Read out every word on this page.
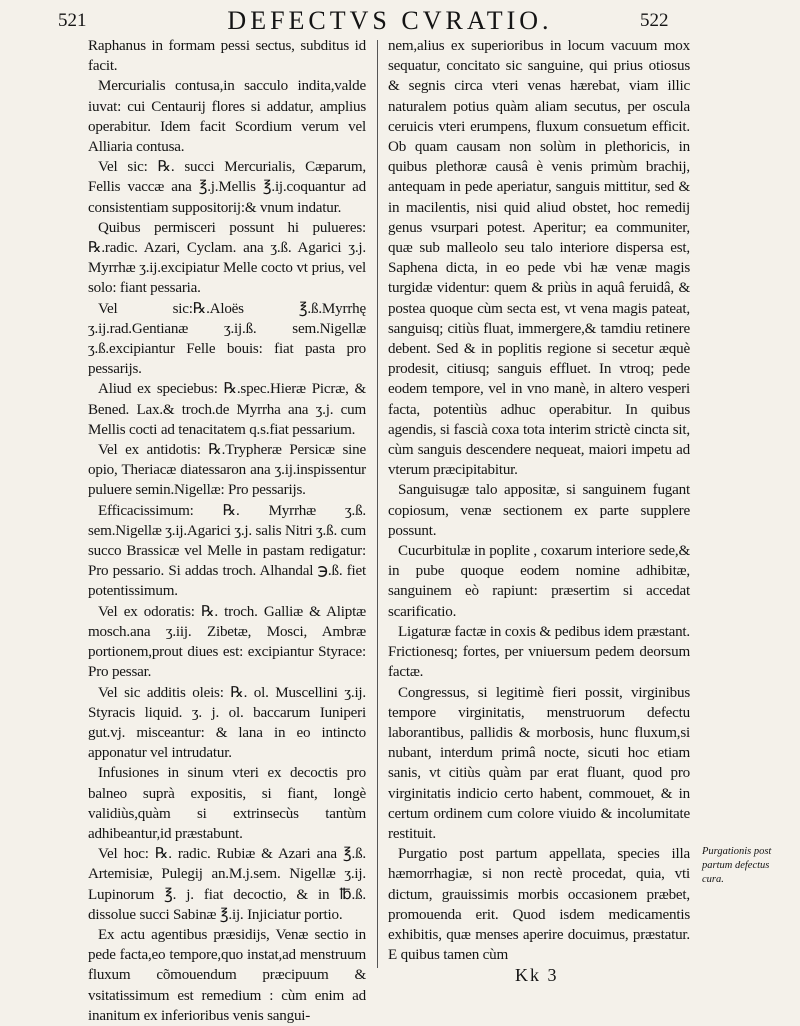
521	DEFECTVS CVRATIO.	522

Raphanus in formam pessi sectus, subditus id facit.

Mercurialis contusa,in sacculo indita,valde iuvat: cui Centaurij flores si addatur, amplius operabitur. Idem facit Scordium verum vel Alliaria contusa.

Vel sic: ℞. succi Mercurialis, Cæparum, Fellis vaccæ ana ℥.j.Mellis ℥.ij.coquantur ad consistentiam suppositorij:& vnum indatur.

Quibus permisceri possunt hi pulueres: ℞.radic. Azari, Cyclam. ana ʒ.ß. Agarici ʒ.j. Myrrhæ ʒ.ij.excipiatur Melle cocto vt prius, vel solo: fiant pessaria.

Vel sic:℞.Aloës ℥.ß.Myrrhę ʒ.ij.rad.Gentianæ ʒ.ij.ß. sem.Nigellæ ʒ.ß.excipiantur Felle bouis: fiat pasta pro pessarijs.

Aliud ex speciebus: ℞.spec.Hieræ Picræ, & Bened. Lax.& troch.de Myrrha ana ʒ.j. cum Mellis cocti ad tenacitatem q.s.fiat pessarium.

Vel ex antidotis: ℞.Trypheræ Persicæ sine opio, Theriacæ diatessaron ana ʒ.ij.inspissentur puluere semin.Nigellæ: Pro pessarijs.

Efficacissimum: ℞. Myrrhæ ʒ.ß. sem.Nigellæ ʒ.ij.Agarici ʒ.j. salis Nitri ʒ.ß. cum succo Brassicæ vel Melle in pastam redigatur: Pro pessario. Si addas troch. Alhandal ℈.ß. fiet potentissimum.

Vel ex odoratis: ℞. troch. Galliæ & Aliptæ mosch.ana ʒ.iij. Zibetæ, Mosci, Ambræ portionem,prout diues est: excipiantur Styrace: Pro pessar.

Vel sic additis oleis: ℞. ol. Muscellini ʒ.ij. Styracis liquid. ʒ. j. ol. baccarum Iuniperi gut.vj. misceantur: & lana in eo intincto apponatur vel intrudatur.

Infusiones in sinum vteri ex decoctis pro balneo suprà expositis, si fiant, longè validiùs,quàm si extrinsecùs tantùm adhibeantur,id præstabunt.

Vel hoc: ℞. radic. Rubiæ & Azari ana ℥.ß. Artemisiæ, Pulegij an.M.j.sem. Nigellæ ʒ.ij. Lupinorum ℥. j. fiat decoctio, & in ℔.ß. dissolue succi Sabinæ ℥.ij. Injiciatur portio.

Ex actu agentibus præsidijs, Venæ sectio in pede facta,eo tempore,quo instat,ad menstruum fluxum cõmouendum præcipuum & vsitatissimum est remedium : cùm enim ad inanitum ex inferioribus venis sangui-

nem,alius ex superioribus in locum vacuum mox sequatur, concitato sic sanguine, qui prius otiosus & segnis circa vteri venas hærebat, viam illic naturalem potius quàm aliam secutus, per oscula ceruicis vteri erumpens, fluxum consuetum efficit. Ob quam causam non solùm in plethoricis, in quibus plethoræ causâ è venis primùm brachij, antequam in pede aperiatur, sanguis mittitur, sed & in macilentis, nisi quid aliud obstet, hoc remedij genus vsurpari potest. Aperitur; ea communiter, quæ sub malleolo seu talo interiore dispersa est, Saphena dicta, in eo pede vbi hæ venæ magis turgidæ videntur: quem & priùs in aquâ feruidâ, & postea quoque cùm secta est, vt vena magis pateat, sanguisq; citiùs fluat, immergere,& tamdiu retinere debent. Sed & in poplitis regione si secetur æquè prodesit, citiusq; sanguis effluet. In vtroq; pede eodem tempore, vel in vno manè, in altero vesperi facta, potentiùs adhuc operabitur. In quibus agendis, si fascià coxa tota interim strictè cincta sit, cùm sanguis descendere nequeat, maiori impetu ad vterum præcipitabitur.

Sanguisugæ talo appositæ, si sanguinem fugant copiosum, venæ sectionem ex parte supplere possunt.

Cucurbitulæ in poplite , coxarum interiore sede,& in pube quoque eodem nomine adhibitæ, sanguinem eò rapiunt: præsertim si accedat scarificatio.

Ligaturæ factæ in coxis & pedibus idem præstant. Frictionesq; fortes, per vniuersum pedem deorsum factæ.

Congressus, si legitimè fieri possit, virginibus tempore virginitatis, menstruorum defectu laborantibus, pallidis & morbosis, hunc fluxum,si nubant, interdum primâ nocte, sicuti hoc etiam sanis, vt citiùs quàm par erat fluant, quod pro virginitatis indicio certo habent, commouet, & in certum ordinem cum colore viuido & incolumitate restituit.

Purgatio post partum appellata, species illa hæmorrhagiæ, si non rectè procedat, quia, vti dictum, grauissimis morbis occasionem præbet, promouenda erit. Quod isdem medicamentis exhibitis, quæ menses aperire docuimus, præstatur. E quibus tamen cùm

Purgationis post partum defectus cura.
Kk 3
